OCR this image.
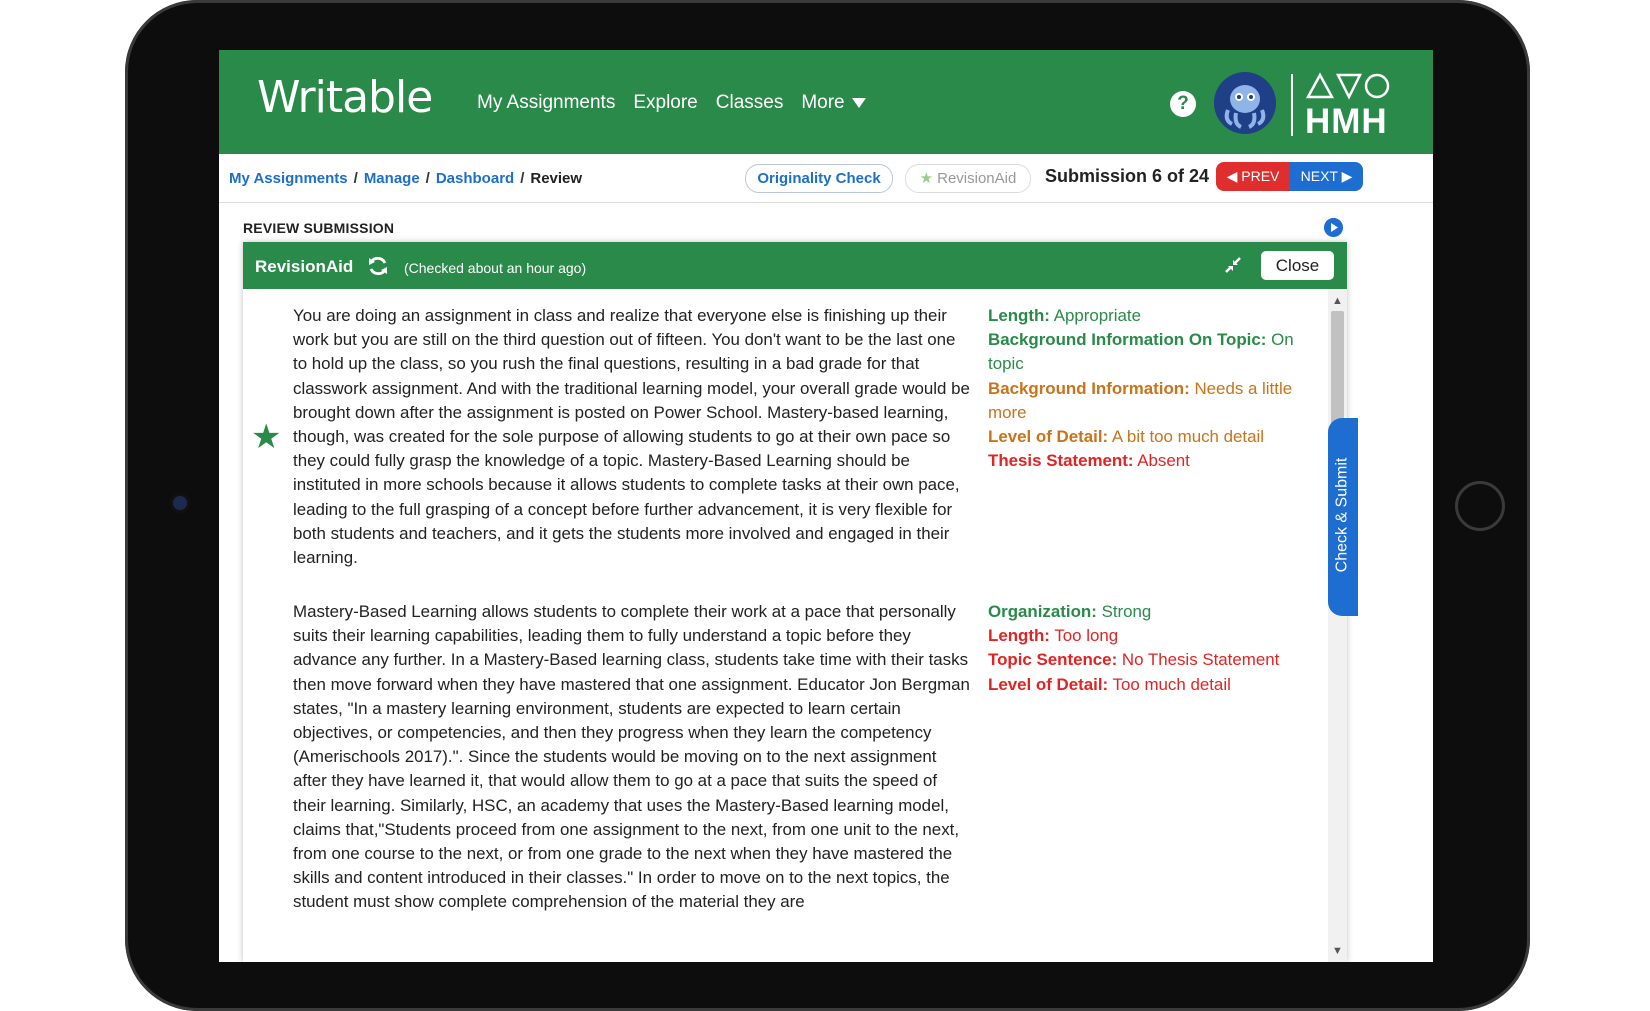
Writable My Assignments Explore Classes More	?	HMH
My Assignments / Manage / Dashboard / Review	Originality Check	★ RevisionAid	Submission 6 of 24	◀ PREV	NEXT ▶
REVIEW SUBMISSION
RevisionAid	(Checked about an hour ago)	Close
★
You are doing an assignment in class and realize that everyone else is finishing up their work but you are still on the third question out of fifteen. You don't want to be the last one to hold up the class, so you rush the final questions, resulting in a bad grade for that classwork assignment. And with the traditional learning model, your overall grade would be brought down after the assignment is posted on Power School. Mastery-based learning, though, was created for the sole purpose of allowing students to go at their own pace so they could fully grasp the knowledge of a topic. Mastery-Based Learning should be instituted in more schools because it allows students to complete tasks at their own pace, leading to the full grasping of a concept before further advancement, it is very flexible for both students and teachers, and it gets the students more involved and engaged in their learning.
Length: Appropriate
Background Information On Topic: On topic
Background Information: Needs a little more
Level of Detail: A bit too much detail
Thesis Statement: Absent
Mastery-Based Learning allows students to complete their work at a pace that personally suits their learning capabilities, leading them to fully understand a topic before they advance any further. In a Mastery-Based learning class, students take time with their tasks then move forward when they have mastered that one assignment. Educator Jon Bergman states, "In a mastery learning environment, students are expected to learn certain objectives, or competencies, and then they progress when they learn the competency (Amerischools 2017).". Since the students would be moving on to the next assignment after they have learned it, that would allow them to go at a pace that suits the speed of their learning. Similarly, HSC, an academy that uses the Mastery-Based learning model, claims that,"Students proceed from one assignment to the next, from one unit to the next, from one course to the next, or from one grade to the next when they have mastered the skills and content introduced in their classes." In order to move on to the next topics, the student must show complete comprehension of the material they are
Organization: Strong
Length: Too long
Topic Sentence: No Thesis Statement
Level of Detail: Too much detail
▲
▼
Check & Submit
